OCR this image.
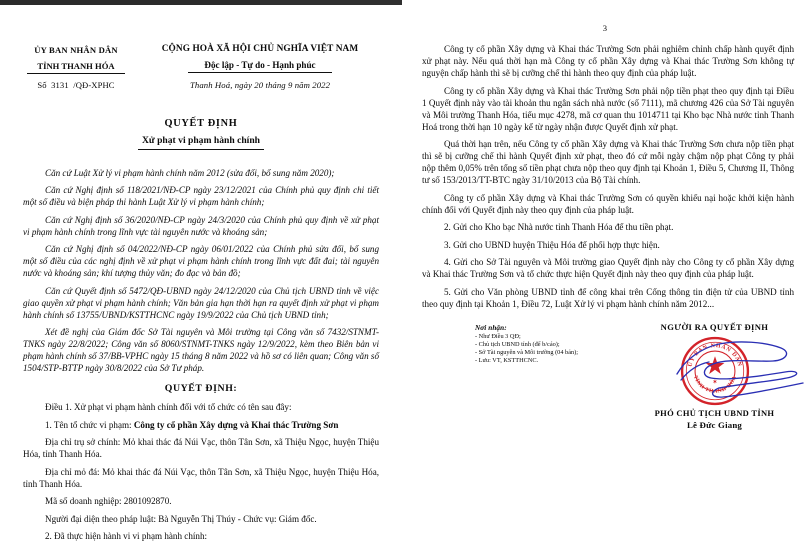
ỦY BAN NHÂN DÂN
TỈNH THANH HÓA
Số 3131 /QĐ-XPHC
CỘNG HOÀ XÃ HỘI CHỦ NGHĨA VIỆT NAM
Độc lập - Tự do - Hạnh phúc
Thanh Hoá, ngày 20 tháng 9 năm 2022
QUYẾT ĐỊNH
Xử phạt vi phạm hành chính

Căn cứ Luật Xử lý vi phạm hành chính năm 2012 (sửa đổi, bổ sung năm 2020);

Căn cứ Nghị định số 118/2021/NĐ-CP ngày 23/12/2021 của Chính phủ quy định chi tiết một số điều và biện pháp thi hành Luật Xử lý vi phạm hành chính;

Căn cứ Nghị định số 36/2020/NĐ-CP ngày 24/3/2020 của Chính phủ quy định về xử phạt vi phạm hành chính trong lĩnh vực tài nguyên nước và khoáng sản;

Căn cứ Nghị định số 04/2022/NĐ-CP ngày 06/01/2022 của Chính phủ sửa đổi, bổ sung một số điều của các nghị định về xử phạt vi phạm hành chính trong lĩnh vực đất đai; tài nguyên nước và khoáng sản; khí tượng thủy văn; đo đạc và bản đồ;

Căn cứ Quyết định số 5472/QĐ-UBND ngày 24/12/2020 của Chủ tịch UBND tỉnh về việc giao quyền xử phạt vi phạm hành chính; Văn bản gia hạn thời hạn ra quyết định xử phạt vi phạm hành chính số 13755/UBND/KSTTHCNC ngày 19/9/2022 của Chủ tịch UBND tỉnh;

Xét đề nghị của Giám đốc Sở Tài nguyên và Môi trường tại Công văn số 7432/STNMT-TNKS ngày 22/8/2022; Công văn số 8060/STNMT-TNKS ngày 12/9/2022, kèm theo Biên bản vi phạm hành chính số 37/BB-VPHC ngày 15 tháng 8 năm 2022 và hồ sơ có liên quan; Công văn số 1504/STP-BTTP ngày 30/8/2022 của Sở Tư pháp.

QUYẾT ĐỊNH:

Điều 1. Xử phạt vi phạm hành chính đối với tổ chức có tên sau đây:

1. Tên tổ chức vi phạm: Công ty cổ phần Xây dựng và Khai thác Trường Sơn

Địa chỉ trụ sở chính: Mỏ khai thác đá Núi Vạc, thôn Tân Sơn, xã Thiệu Ngọc, huyện Thiệu Hóa, tỉnh Thanh Hóa.

Địa chỉ mỏ đá: Mỏ khai thác đá Núi Vạc, thôn Tân Sơn, xã Thiệu Ngọc, huyện Thiệu Hóa, tỉnh Thanh Hóa.

Mã số doanh nghiệp: 2801092870.

Người đại diện theo pháp luật: Bà Nguyễn Thị Thúy - Chức vụ: Giám đốc.

2. Đã thực hiện hành vi vi phạm hành chính:

3

Công ty cổ phần Xây dựng và Khai thác Trường Sơn phải nghiêm chỉnh chấp hành quyết định xử phạt này. Nếu quá thời hạn mà Công ty cổ phần Xây dựng và Khai thác Trường Sơn không tự nguyện chấp hành thì sẽ bị cưỡng chế thi hành theo quy định của pháp luật.

Công ty cổ phần Xây dựng và Khai thác Trường Sơn phải nộp tiền phạt theo quy định tại Điều 1 Quyết định này vào tài khoản thu ngân sách nhà nước (số 7111), mã chương 426 của Sở Tài nguyên và Môi trường Thanh Hóa, tiểu mục 4278, mã cơ quan thu 1014711 tại Kho bạc Nhà nước tỉnh Thanh Hoá trong thời hạn 10 ngày kể từ ngày nhận được Quyết định xử phạt.

Quá thời hạn trên, nếu Công ty cổ phần Xây dựng và Khai thác Trường Sơn chưa nộp tiền phạt thì sẽ bị cưỡng chế thi hành Quyết định xử phạt, theo đó cứ mỗi ngày chậm nộp phạt Công ty phải nộp thêm 0,05% trên tổng số tiền phạt chưa nộp theo quy định tại Khoản 1, Điều 5, Chương II, Thông tư số 153/2013/TT-BTC ngày 31/10/2013 của Bộ Tài chính.

Công ty cổ phần Xây dựng và Khai thác Trường Sơn có quyền khiếu nại hoặc khởi kiện hành chính đối với Quyết định này theo quy định của pháp luật.

2. Gửi cho Kho bạc Nhà nước tỉnh Thanh Hóa để thu tiền phạt.

3. Gửi cho UBND huyện Thiệu Hóa để phối hợp thực hiện.

4. Gửi cho Sở Tài nguyên và Môi trường giao Quyết định này cho Công ty cổ phần Xây dựng và Khai thác Trường Sơn và tổ chức thực hiện Quyết định này theo quy định của pháp luật.

5. Gửi cho Văn phòng UBND tỉnh để công khai trên Cổng thông tin điện tử của UBND tỉnh theo quy định tại Khoản 1, Điều 72, Luật Xử lý vi phạm hành chính năm 2012...

Nơi nhận:
- Như Điều 3 QĐ;
- Chủ tịch UBND tỉnh (để b/cáo);
- Sở Tài nguyên và Môi trường (04 bản);
- Lưu: VT, KSTTHCNC.
NGƯỜI RA QUYẾT ĐỊNH
ỦY BAN NHÂN DÂN
TỈNH THANH HÓA
✶
PHÓ CHỦ TỊCH UBND TỈNH
Lê Đức Giang
